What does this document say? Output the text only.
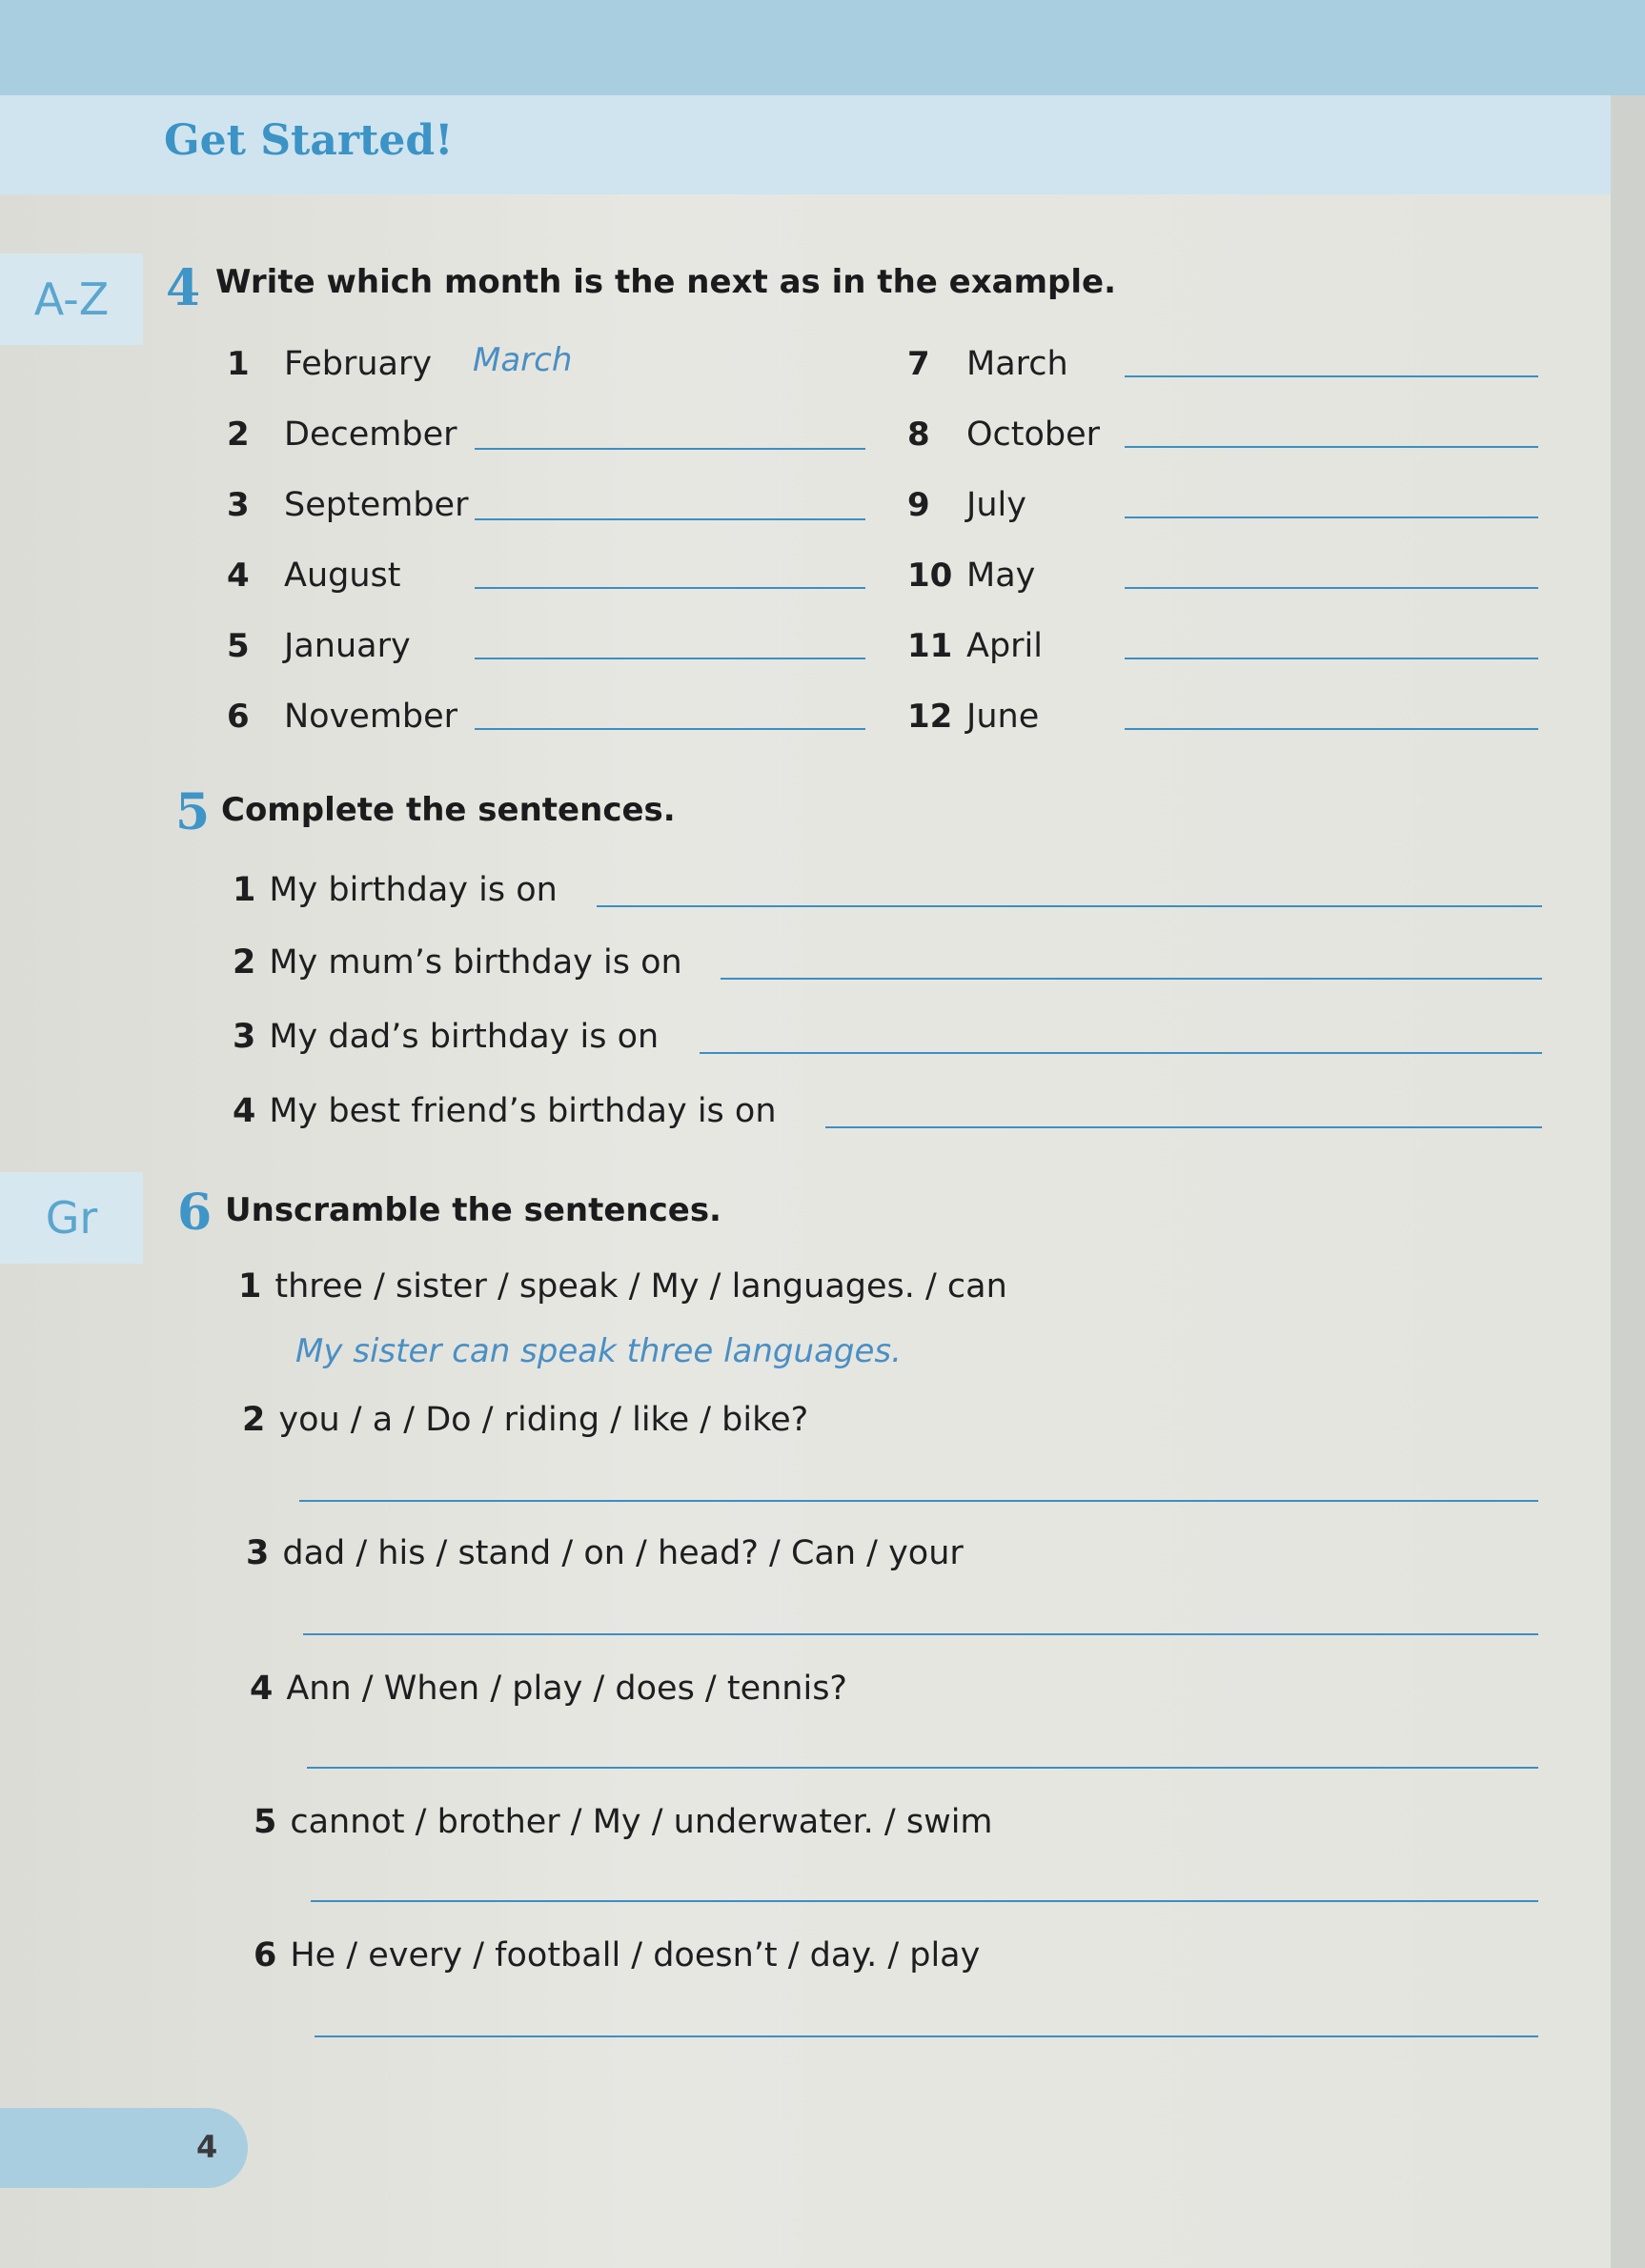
Get Started!
A-Z	4 Write which month is the next as in the example.
1 February March
2 December
3 September
4 August
5 January
6 November
7 March
8 October
9 July
10 May
11 April
12 June
5 Complete the sentences.
1 My birthday is on
2 My mum’s birthday is on
3 My dad’s birthday is on
4 My best friend’s birthday is on
Gr	6 Unscramble the sentences.
1 three / sister / speak / My / languages. / can
My sister can speak three languages.
2 you / a / Do / riding / like / bike?
3 dad / his / stand / on / head? / Can / your
4 Ann / When / play / does / tennis?
5 cannot / brother / My / underwater. / swim
6 He / every / football / doesn’t / day. / play
4
